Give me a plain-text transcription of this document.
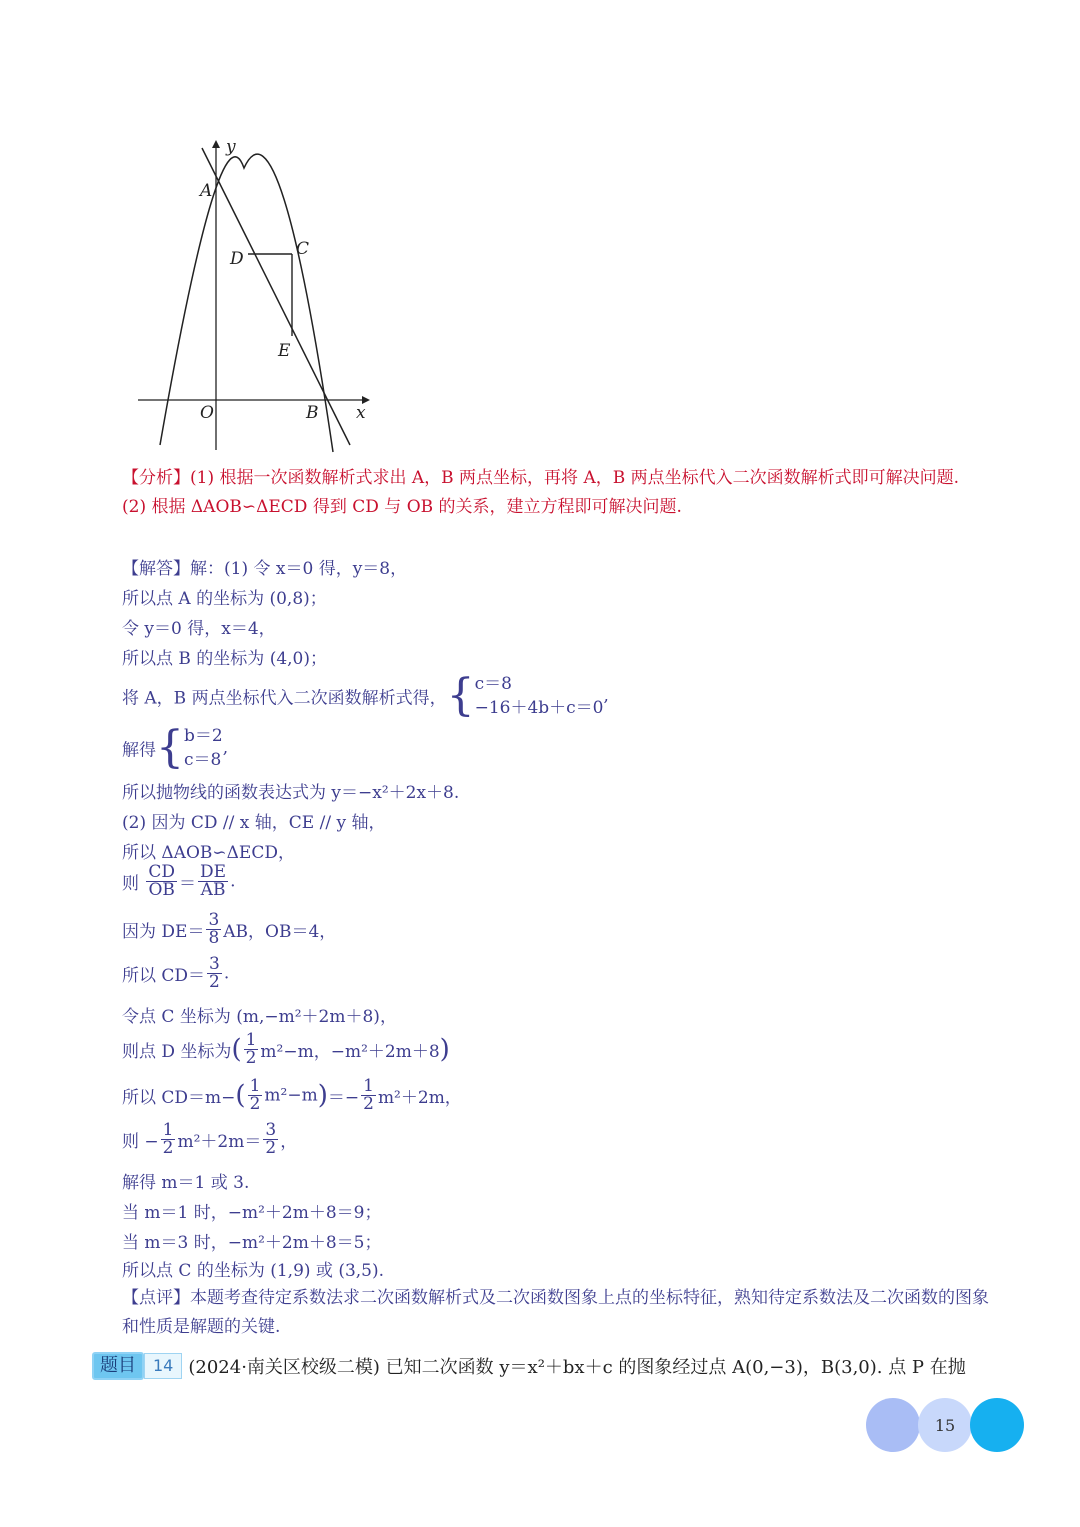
y
x
O
A
B
C
D
E
【分析】(1) 根据一次函数解析式求出 A，B 两点坐标，再将 A，B 两点坐标代入二次函数解析式即可解决问题.
(2) 根据 ΔAOB∽ΔECD 得到 CD 与 OB 的关系，建立方程即可解决问题.
【解答】解：(1) 令 x＝0 得，y＝8，
所以点 A 的坐标为 (0,8)；
令 y＝0 得，x＝4，
所以点 B 的坐标为 (4,0)；
将 A，B 两点坐标代入二次函数解析式得，{ c＝8
−16＋4b＋c＝0
,
解得{ b＝2
c＝8
,
所以抛物线的函数表达式为 y＝−x²＋2x＋8.
(2) 因为 CD // x 轴，CE // y 轴，
所以 ΔAOB∽ΔECD，
则 $\frac{CD}{OB} = \frac{DE}{AB}$ .
因为 $DE= \frac{3}{8}$ AB，OB＝4，
所以 $CD= \frac{3}{2}$ .
令点 C 坐标为 (m,−m²＋2m＋8)，
则点 D 坐标为( $\frac{1}{2} m^2-m$，−m²＋2m＋8)
所以 $CD=m-( \frac{1}{2} m^2-m)=- \frac{1}{2} m^2+2m$，
则 − $\frac{1}{2} m^2+2m= \frac{3}{2}$ ，
解得 m＝1 或 3.
当 m＝1 时，−m²＋2m＋8＝9；
当 m＝3 时，−m²＋2m＋8＝5；
所以点 C 的坐标为 (1,9) 或 (3,5).
【点评】本题考查待定系数法求二次函数解析式及二次函数图象上点的坐标特征，熟知待定系数法及二次函数的图象和性质是解题的关键.
题目	14 (2024·南关区校级二模) 已知二次函数 y＝x²＋bx＋c 的图象经过点 A(0,−3)，B(3,0). 点 P 在抛
15
